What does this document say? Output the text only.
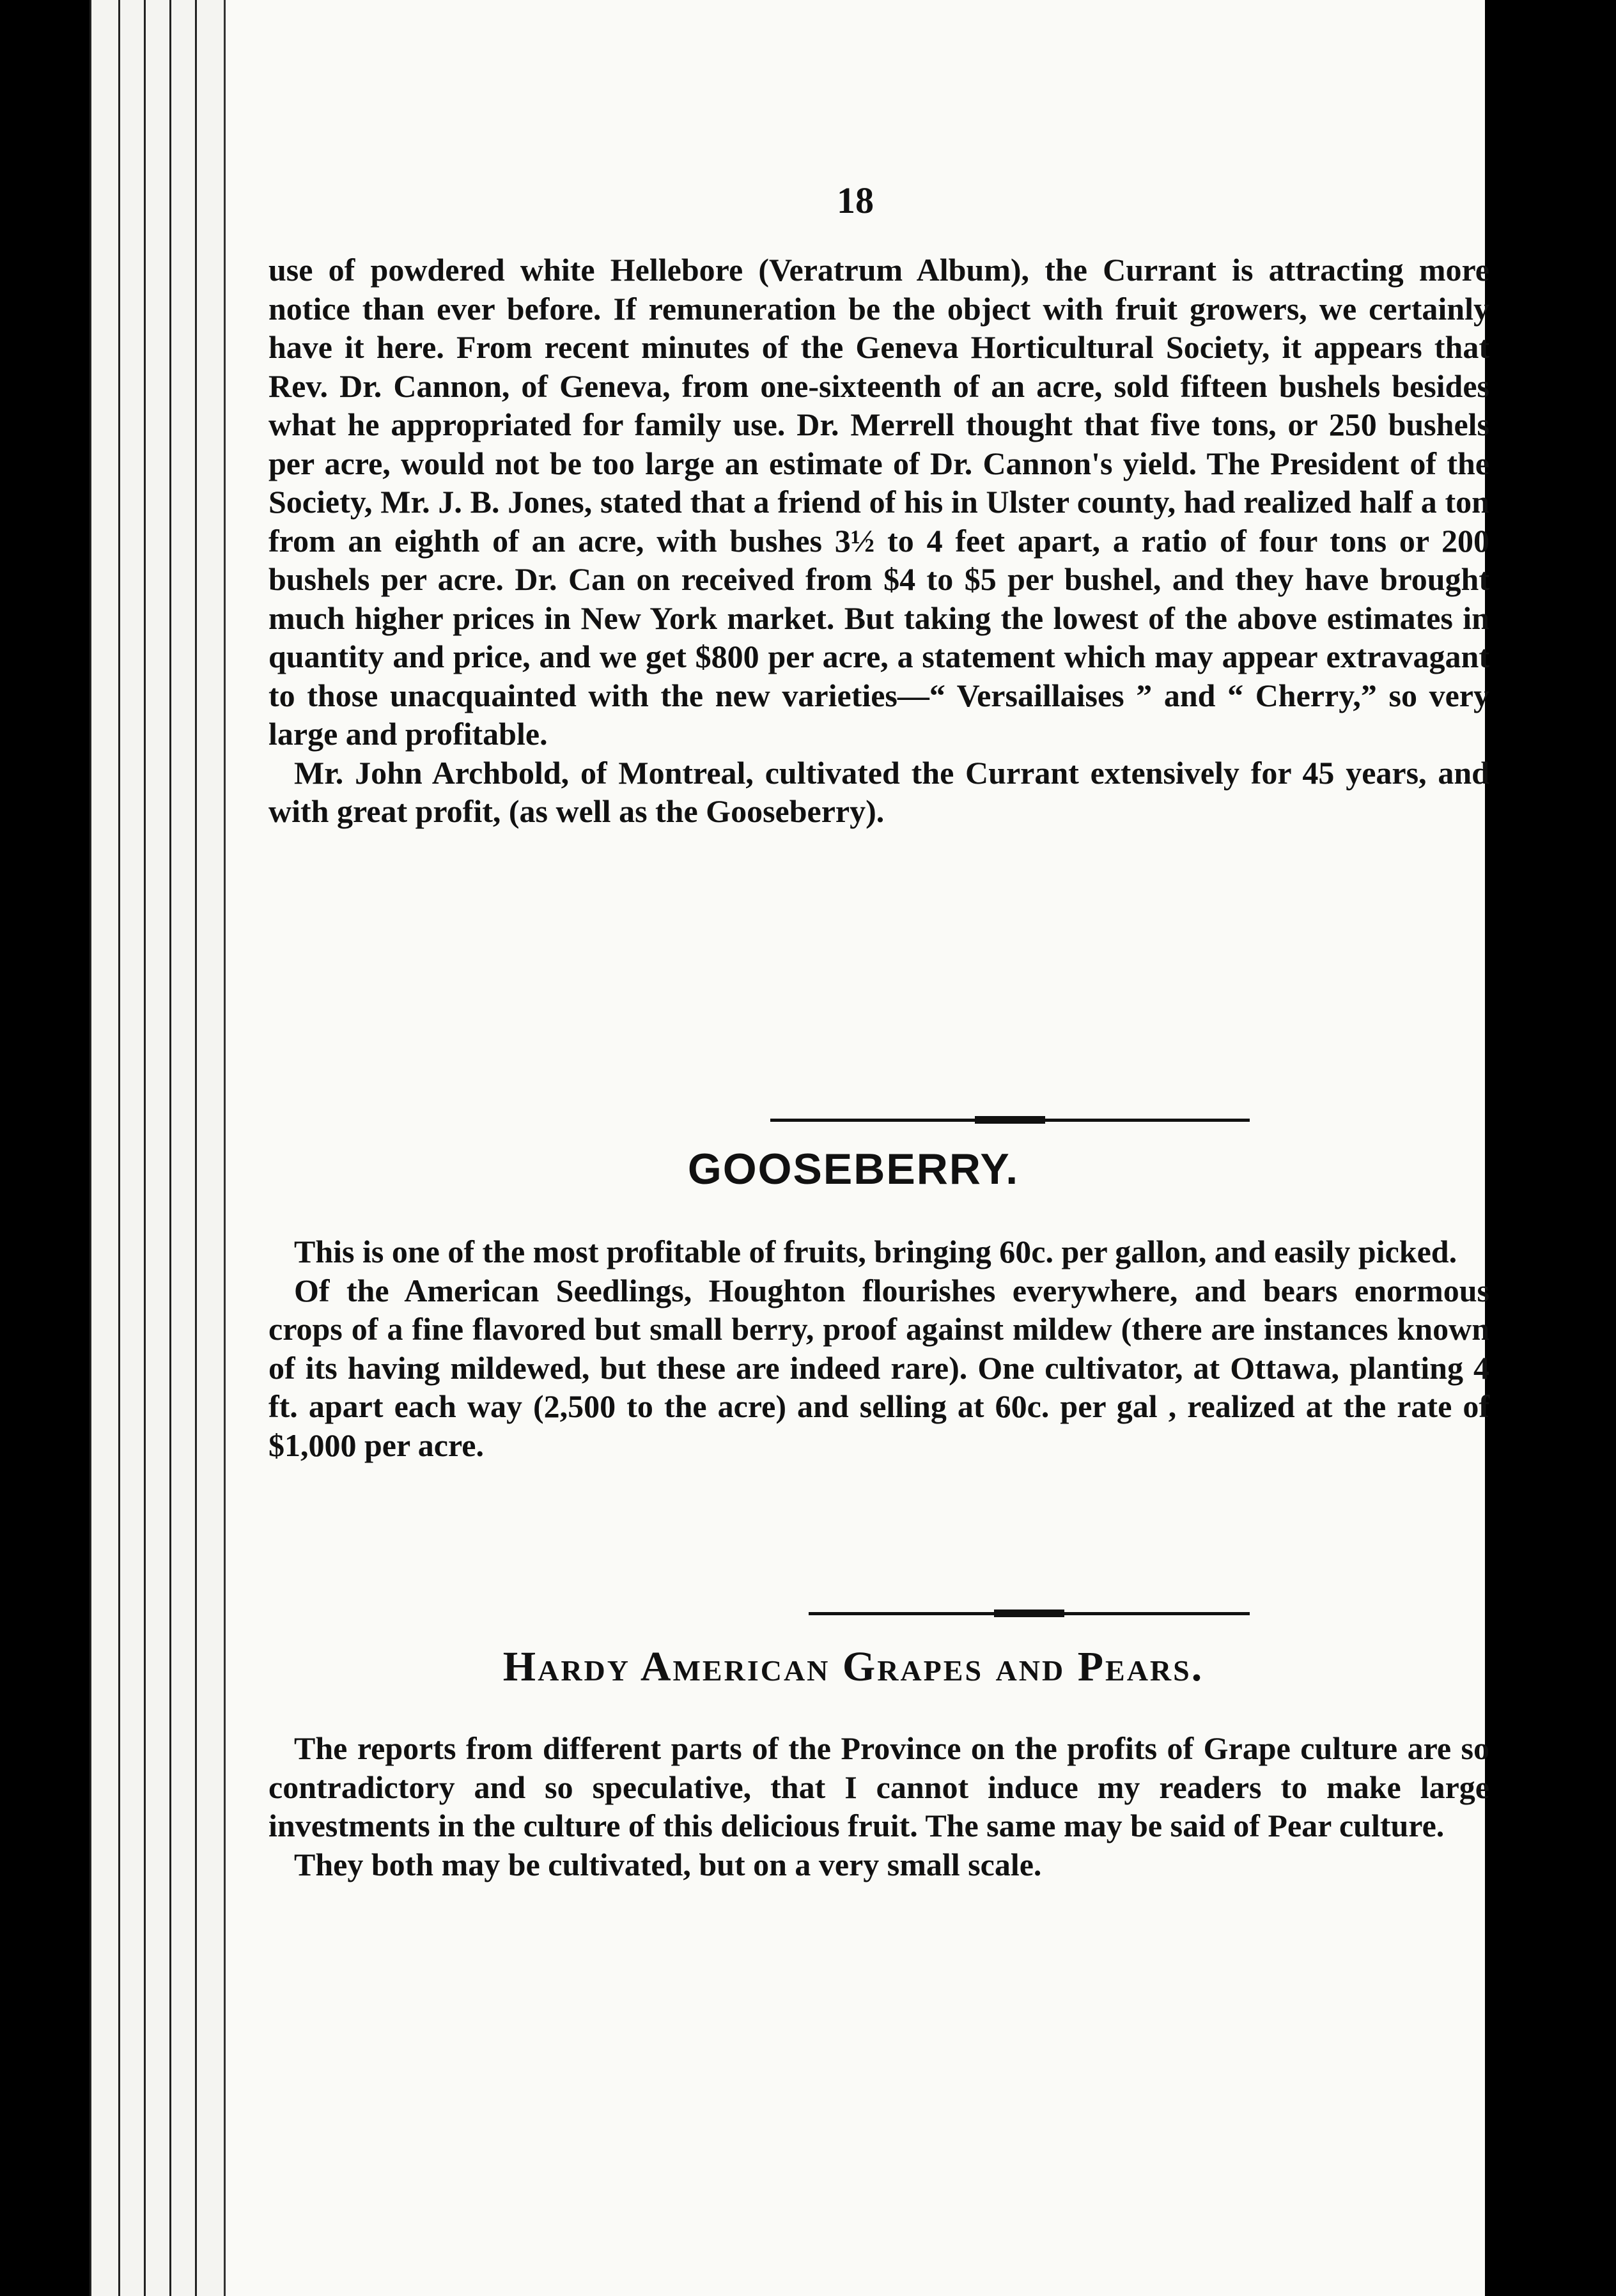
18

use of powdered white Hellebore (Veratrum Album), the Currant is attracting more notice than ever before. If remuneration be the object with fruit growers, we certainly have it here. From recent minutes of the Geneva Horticultural Society, it appears that Rev. Dr. Cannon, of Geneva, from one-sixteenth of an acre, sold fifteen bushels besides what he appropriated for family use. Dr. Merrell thought that five tons, or 250 bushels per acre, would not be too large an estimate of Dr. Cannon's yield. The President of the Society, Mr. J. B. Jones, stated that a friend of his in Ulster county, had realized half a ton from an eighth of an acre, with bushes 3½ to 4 feet apart, a ratio of four tons or 200 bushels per acre. Dr. Can on received from $4 to $5 per bushel, and they have brought much higher prices in New York market. But taking the lowest of the above estimates in quantity and price, and we get $800 per acre, a statement which may appear extravagant to those unacquainted with the new varieties—“ Versaillaises ” and “ Cherry,” so very large and profitable.

Mr. John Archbold, of Montreal, cultivated the Currant extensively for 45 years, and with great profit, (as well as the Gooseberry).

GOOSEBERRY.

This is one of the most profitable of fruits, bringing 60c. per gallon, and easily picked.

Of the American Seedlings, Houghton flourishes everywhere, and bears enormous crops of a fine flavored but small berry, proof against mildew (there are instances known of its having mildewed, but these are indeed rare). One cultivator, at Ottawa, planting 4 ft. apart each way (2,500 to the acre) and selling at 60c. per gal , realized at the rate of $1,000 per acre.

Hardy American Grapes and Pears.

The reports from different parts of the Province on the profits of Grape culture are so contradictory and so speculative, that I cannot induce my readers to make large investments in the culture of this delicious fruit. The same may be said of Pear culture.

They both may be cultivated, but on a very small scale.
